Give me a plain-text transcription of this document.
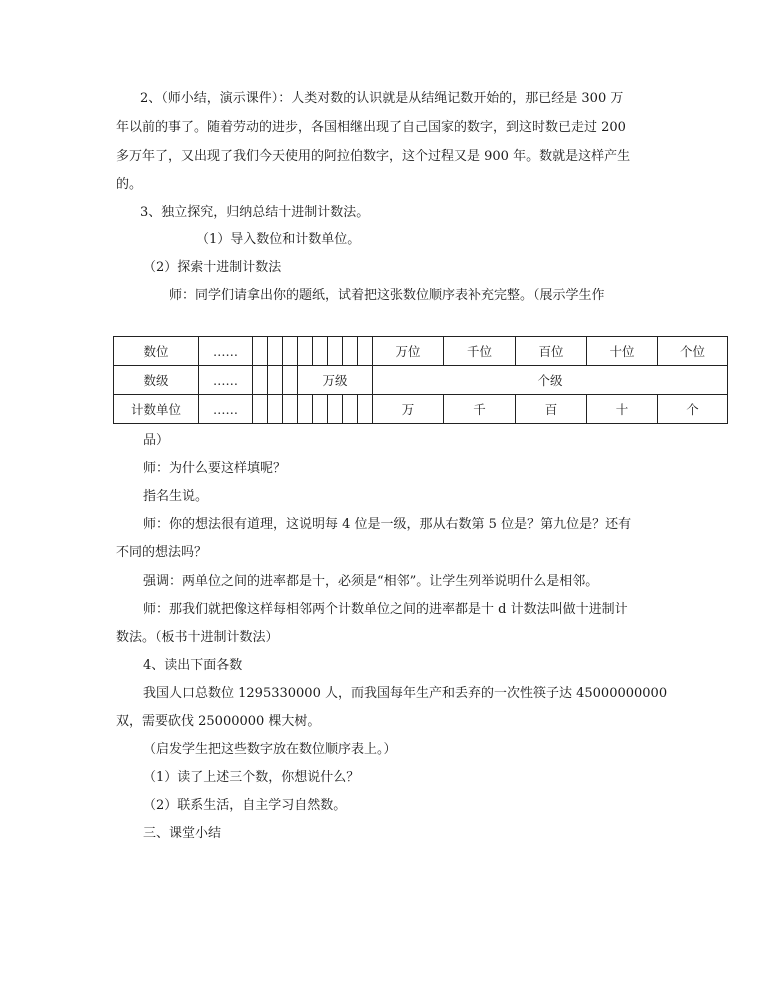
2、（师小结，演示课件）：人类对数的认识就是从结绳记数开始的，那已经是 300 万
年以前的事了。随着劳动的进步，各国相继出现了自己国家的数字，到这时数已走过 200
多万年了，又出现了我们今天使用的阿拉伯数字，这个过程又是 900 年。数就是这样产生
的。
3、独立探究，归纳总结十进制计数法。
（1）导入数位和计数单位。
（2）探索十进制计数法
师：同学们请拿出你的题纸，试着把这张数位顺序表补充完整。（展示学生作
数位	……									万位	千位	百位	十位	个位
数级	……				万级					个级				
计数单位	……									万	千	百	十	个
品）
师：为什么要这样填呢？
指名生说。
师：你的想法很有道理，这说明每 4 位是一级，那从右数第 5 位是？第九位是？还有
不同的想法吗？
强调：两单位之间的进率都是十，必须是“相邻”。让学生列举说明什么是相邻。
师：那我们就把像这样每相邻两个计数单位之间的进率都是十 d 计数法叫做十进制计
数法。（板书十进制计数法）
4、读出下面各数
我国人口总数位 1295330000 人，而我国每年生产和丢弃的一次性筷子达 45000000000
双，需要砍伐 25000000 棵大树。
（启发学生把这些数字放在数位顺序表上。）
（1）读了上述三个数，你想说什么？
（2）联系生活，自主学习自然数。
三、课堂小结
